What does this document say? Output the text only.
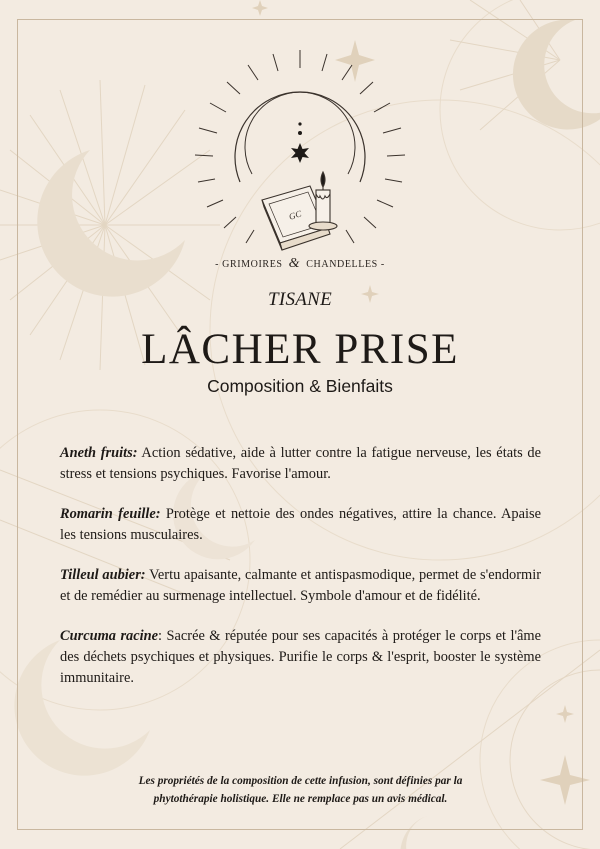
GC
- GRIMOIRES & CHANDELLES -
TISANE
LÂCHER PRISE
Composition & Bienfaits

Aneth fruits: Action sédative, aide à lutter contre la fatigue nerveuse, les états de stress et tensions psychiques. Favorise l'amour.

Romarin feuille: Protège et nettoie des ondes négatives, attire la chance. Apaise les tensions musculaires.

Tilleul aubier: Vertu apaisante, calmante et antispasmodique, permet de s'endormir et de remédier au surmenage intellectuel. Symbole d'amour et de fidélité.

Curcuma racine: Sacrée & réputée pour ses capacités à protéger le corps et l'âme des déchets psychiques et physiques. Purifie le corps & l'esprit, booster le système immunitaire.

Les propriétés de la composition de cette infusion, sont définies par la
phytothérapie holistique. Elle ne remplace pas un avis médical.
